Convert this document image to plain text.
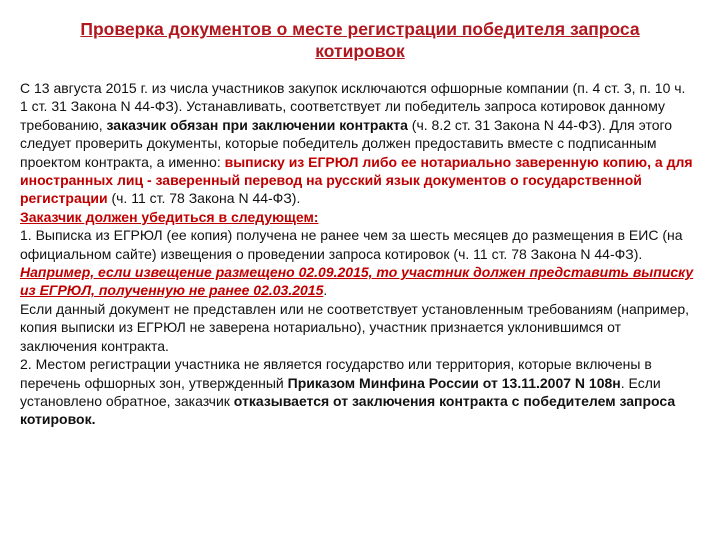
Проверка документов о месте регистрации победителя запроса котировок

С 13 августа 2015 г. из числа участников закупок исключаются офшорные компании (п. 4 ст. 3, п. 10 ч. 1 ст. 31 Закона N 44-ФЗ). Устанавливать, соответствует ли победитель запроса котировок данному требованию, заказчик обязан при заключении контракта (ч. 8.2 ст. 31 Закона N 44-ФЗ). Для этого следует проверить документы, которые победитель должен предоставить вместе с подписанным проектом контракта, а именно: выписку из ЕГРЮЛ либо ее нотариально заверенную копию, а для иностранных лиц - заверенный перевод на русский язык документов о государственной регистрации (ч. 11 ст. 78 Закона N 44-ФЗ).

Заказчик должен убедиться в следующем:

1. Выписка из ЕГРЮЛ (ее копия) получена не ранее чем за шесть месяцев до размещения в ЕИС (на официальном сайте) извещения о проведении запроса котировок (ч. 11 ст. 78 Закона N 44-ФЗ).

Например, если извещение размещено 02.09.2015, то участник должен представить выписку из ЕГРЮЛ, полученную не ранее 02.03.2015.

Если данный документ не представлен или не соответствует установленным требованиям (например, копия выписки из ЕГРЮЛ не заверена нотариально), участник признается уклонившимся от заключения контракта.

2. Местом регистрации участника не является государство или территория, которые включены в перечень офшорных зон, утвержденный Приказом Минфина России от 13.11.2007 N 108н. Если установлено обратное, заказчик отказывается от заключения контракта с победителем запроса котировок.
